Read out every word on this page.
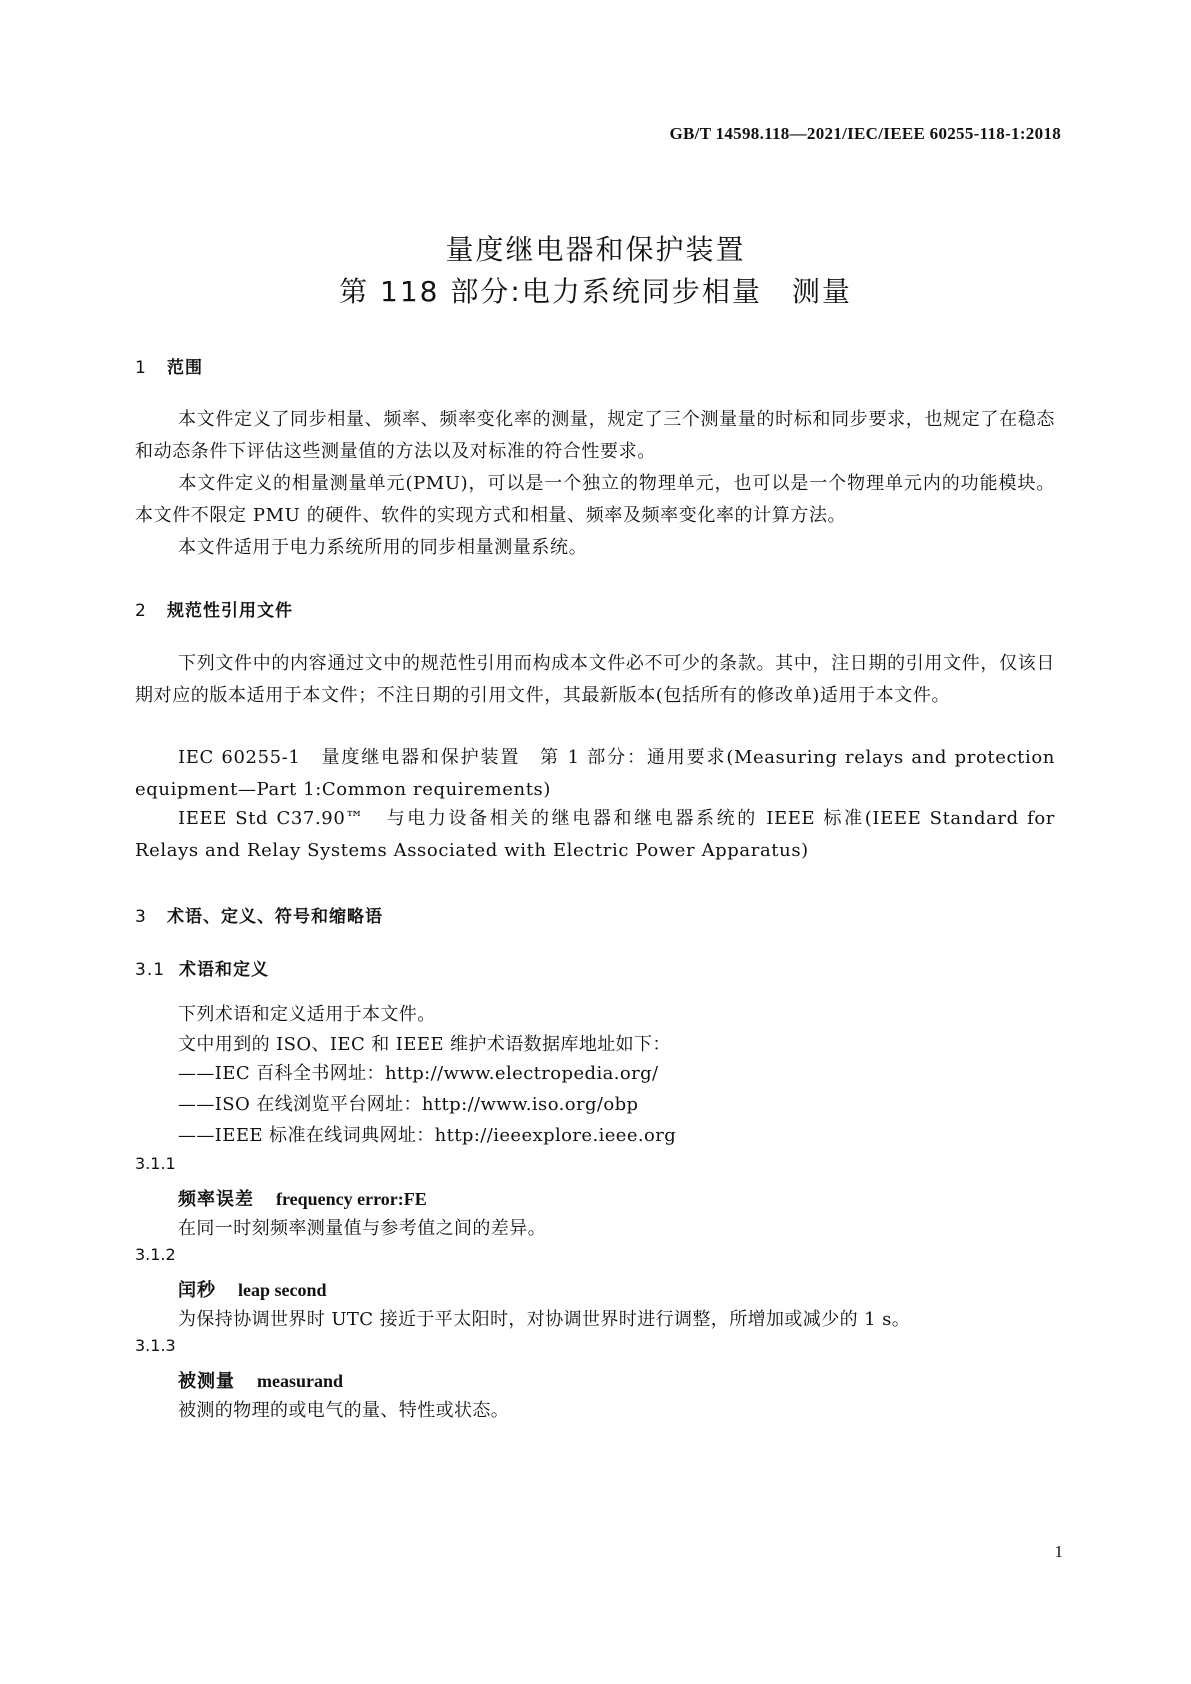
GB/T 14598.118—2021/IEC/IEEE 60255-118-1:2018
量度继电器和保护装置
第 118 部分:电力系统同步相量　测量
1 范围
本文件定义了同步相量、频率、频率变化率的测量，规定了三个测量量的时标和同步要求，也规定了在稳态和动态条件下评估这些测量值的方法以及对标准的符合性要求。
本文件定义的相量测量单元(PMU)，可以是一个独立的物理单元，也可以是一个物理单元内的功能模块。本文件不限定 PMU 的硬件、软件的实现方式和相量、频率及频率变化率的计算方法。
本文件适用于电力系统所用的同步相量测量系统。
2 规范性引用文件
下列文件中的内容通过文中的规范性引用而构成本文件必不可少的条款。其中，注日期的引用文件，仅该日期对应的版本适用于本文件；不注日期的引用文件，其最新版本(包括所有的修改单)适用于本文件。
IEC 60255-1　量度继电器和保护装置　第 1 部分：通用要求(Measuring relays and protection equipment—Part 1:Common requirements)
IEEE Std C37.90™　与电力设备相关的继电器和继电器系统的 IEEE 标准(IEEE Standard for Relays and Relay Systems Associated with Electric Power Apparatus)
3 术语、定义、符号和缩略语
3.1 术语和定义
下列术语和定义适用于本文件。
文中用到的 ISO、IEC 和 IEEE 维护术语数据库地址如下：
——IEC 百科全书网址：http://www.electropedia.org/
——ISO 在线浏览平台网址：http://www.iso.org/obp
——IEEE 标准在线词典网址：http://ieeexplore.ieee.org
3.1.1
频率误差 frequency error:FE
在同一时刻频率测量值与参考值之间的差异。
3.1.2
闰秒 leap second
为保持协调世界时 UTC 接近于平太阳时，对协调世界时进行调整，所增加或减少的 1 s。
3.1.3
被测量 measurand
被测的物理的或电气的量、特性或状态。
1
